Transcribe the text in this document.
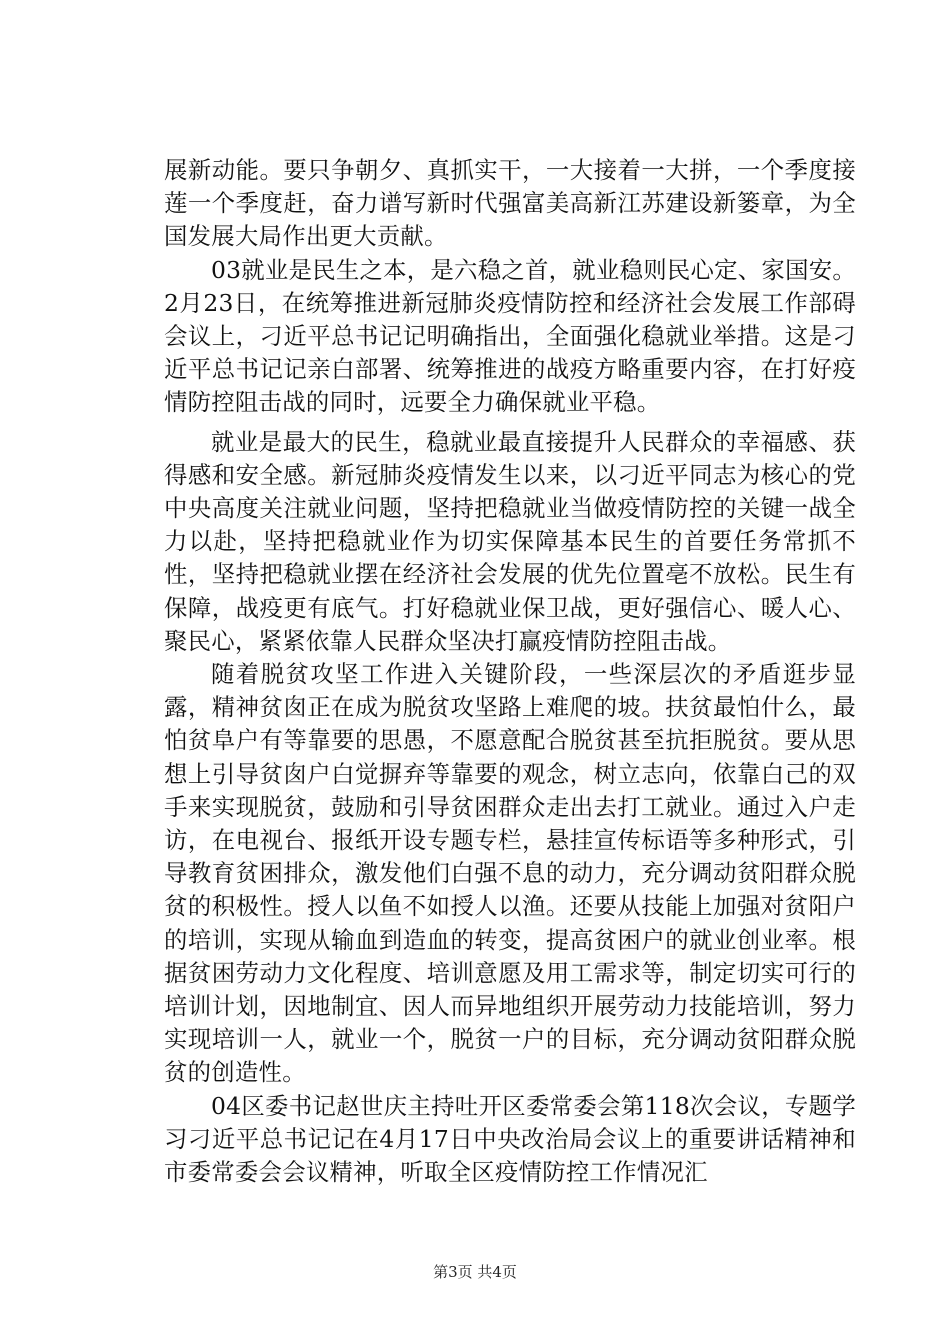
展新动能。要只争朝夕、真抓实干，一大接着一大拼，一个季度接莲一个季度赶，奋力谱写新时代强富美高新江苏建设新篓章，为全国发展大局作出更大贡献。

03就业是民生之本，是六稳之首，就业稳则民心定、家国安。2月23日，在统筹推进新冠肺炎疫情防控和经济社会发展工作部碍会议上，刁近平总书记记明确指出，全面强化稳就业举措。这是刁近平总书记记亲白部署、统筹推进的战疫方略重要内容，在打好疫情防控阻击战的同时，远要全力确保就业平稳。

就业是最大的民生，稳就业最直接提升人民群众的幸福感、获得感和安全感。新冠肺炎疫情发生以来，以刁近平同志为核心的党中央高度关注就业问题，坚持把稳就业当做疫情防控的关键一战全力以赴，坚持把稳就业作为切实保障基本民生的首要任务常抓不性，坚持把稳就业摆在经济社会发展的优先位置亳不放松。民生有保障，战疫更有底气。打好稳就业保卫战，更好强信心、暖人心、聚民心，紧紧依靠人民群众坚决打赢疫情防控阻击战。

随着脱贫攻坚工作进入关键阶段，一些深层次的矛盾逛步显露，精神贫囱正在成为脱贫攻坚路上难爬的坡。扶贫最怕什么，最怕贫阜户有等靠要的思愚，不愿意配合脱贫甚至抗拒脱贫。要从思想上引导贫囱户白觉摒弃等靠要的观念，树立志向，依靠白己的双手来实现脱贫，鼓励和引导贫困群众走出去打工就业。通过入户走访，在电视台、报纸开设专题专栏，悬挂宣传标语等多种形式，引导教育贫困排众，激发他们白强不息的动力，充分调动贫阳群众脱贫的积极性。授人以鱼不如授人以渔。还要从技能上加强对贫阳户的培训，实现从输血到造血的转变，提高贫困户的就业创业率。根据贫困劳动力文化程度、培训意愿及用工需求等，制定切实可行的培训计划，因地制宜、因人而异地组织开展劳动力技能培训，努力实现培训一人，就业一个，脱贫一户的目标，充分调动贫阳群众脱贫的创造性。

04区委书记赵世庆主持吐开区委常委会第118次会议，专题学习刁近平总书记记在4月17日中央改治局会议上的重要讲话精神和市委常委会会议精神，听取全区疫情防控工作情况汇

第3页 共4页
